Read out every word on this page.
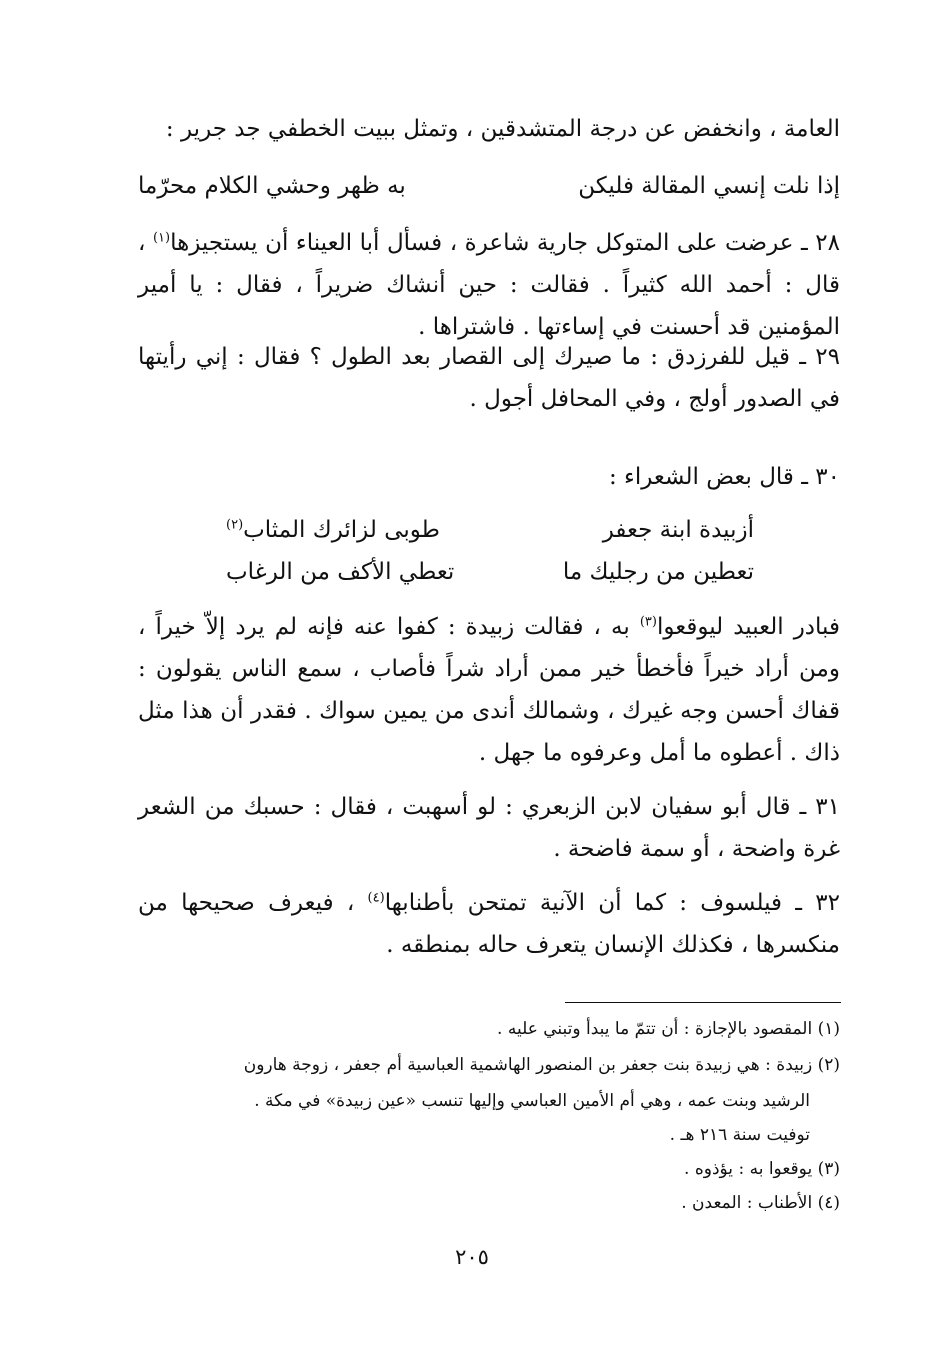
العامة ، وانخفض عن درجة المتشدقين ، وتمثل ببيت الخطفي جد جرير :

إذا نلت إنسي المقالة فليكن
به ظهر وحشي الكلام محرّما

٢٨ ـ عرضت على المتوكل جارية شاعرة ، فسأل أبا العيناء أن يستجيزها$^{(١)}$ ، قال : أحمد الله كثيراً . فقالت : حين أنشاك ضريراً ، فقال : يا أمير المؤمنين قد أحسنت في إساءتها . فاشتراها .

٢٩ ـ قيل للفرزدق : ما صيرك إلى القصار بعد الطول ؟ فقال : إني رأيتها في الصدور أولج ، وفي المحافل أجول .

٣٠ ـ قال بعض الشعراء :

أزبيدة ابنة جعفر
طوبى لزائرك المثاب$^{(٢)}$
تعطين من رجليك ما
تعطي الأكف من الرغاب

فبادر العبيد ليوقعوا$^{(٣)}$ به ، فقالت زبيدة : كفوا عنه فإنه لم يرد إلاّ خيراً ، ومن أراد خيراً فأخطأ خير ممن أراد شراً فأصاب ، سمع الناس يقولون : قفاك أحسن وجه غيرك ، وشمالك أندى من يمين سواك . فقدر أن هذا مثل ذاك . أعطوه ما أمل وعرفوه ما جهل .

٣١ ـ قال أبو سفيان لابن الزبعري : لو أسهبت ، فقال : حسبك من الشعر غرة واضحة ، أو سمة فاضحة .

٣٢ ـ فيلسوف : كما أن الآنية تمتحن بأطنابها$^{(٤)}$ ، فيعرف صحيحها من منكسرها ، فكذلك الإنسان يتعرف حاله بمنطقه .

(١) المقصود بالإجازة : أن تتمّ ما يبدأ وتبني عليه .

(٢) زبيدة : هي زبيدة بنت جعفر بن المنصور الهاشمية العباسية أم جعفر ، زوجة هارون

الرشيد وبنت عمه ، وهي أم الأمين العباسي وإليها تنسب «عين زبيدة» في مكة .

توفيت سنة ٢١٦ هـ .

(٣) يوقعوا به : يؤذوه .

(٤) الأطناب : المعدن .

٢٠٥
